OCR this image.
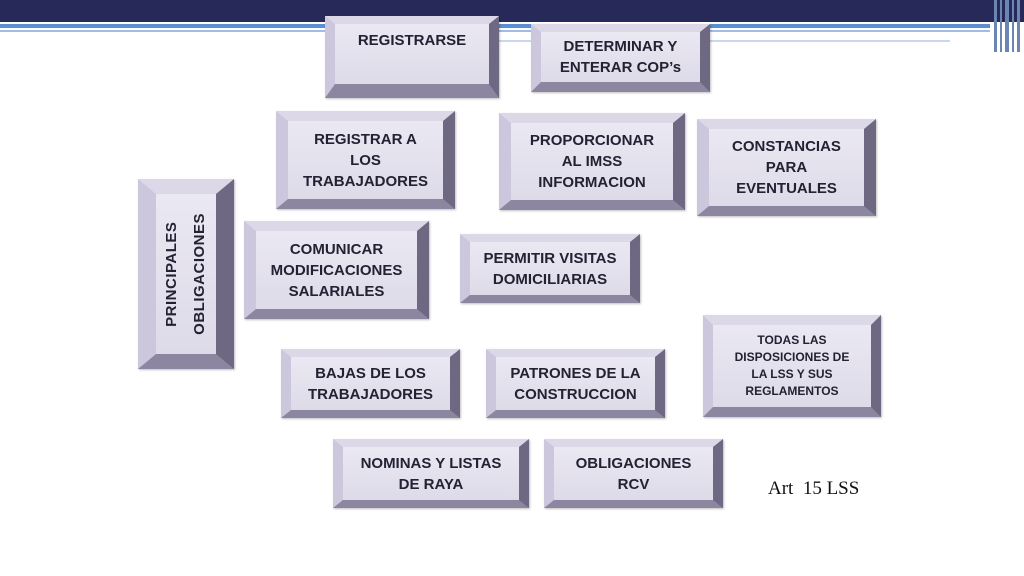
PRINCIPALES
OBLIGACIONES
REGISTRARSE	DETERMINAR Y
ENTERAR COP’s
REGISTRAR A
LOS
TRABAJADORES
PROPORCIONAR
AL IMSS
INFORMACION
CONSTANCIAS
PARA
EVENTUALES
COMUNICAR
MODIFICACIONES
SALARIALES
PERMITIR VISITAS
DOMICILIARIAS
TODAS LAS
DISPOSICIONES DE
LA LSS Y SUS
REGLAMENTOS
BAJAS DE LOS
TRABAJADORES
PATRONES DE LA
CONSTRUCCION
NOMINAS Y LISTAS
DE RAYA
OBLIGACIONES
RCV	Art  15 LSS
